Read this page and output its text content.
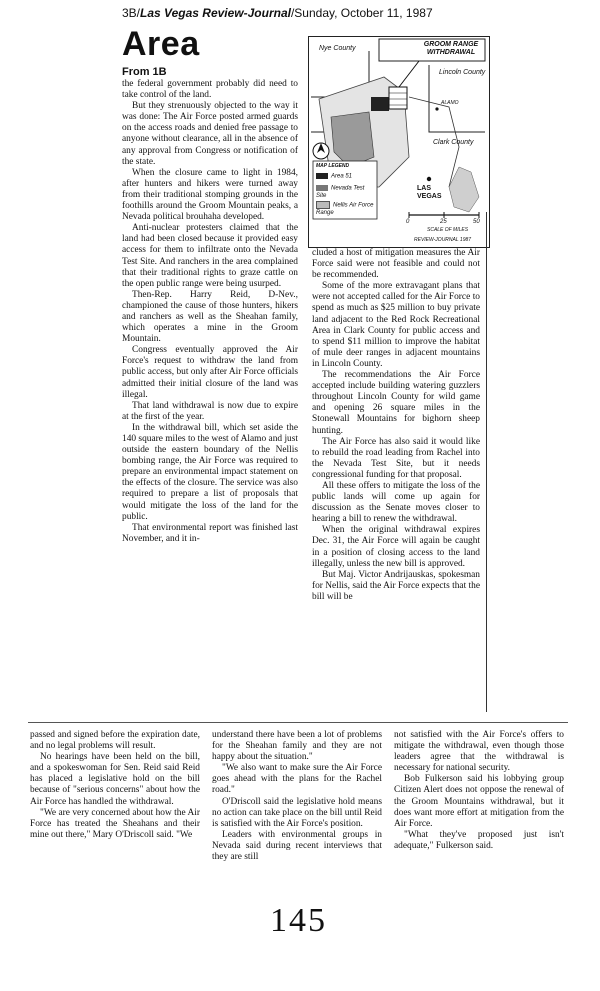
3B/Las Vegas Review-Journal/Sunday, October 11, 1987
Area
From 1B
GROOM RANGE
WITHDRAWAL
Nye County
Lincoln County
ALAMO
Clark County
LAS VEGAS
MAP LEGEND
Area 51
Nevada Test Site
Nellis Air Force Range
0	25	50
SCALE OF MILES
REVIEW-JOURNAL 1987

the federal government probably did need to take control of the land.

But they strenuously objected to the way it was done: The Air Force posted armed guards on the access roads and denied free passage to anyone without clearance, all in the absence of any approval from Congress or notification of the state.

When the closure came to light in 1984, after hunters and hikers were turned away from their traditional stomping grounds in the foothills around the Groom Mountain peaks, a Nevada political brouhaha developed.

Anti-nuclear protesters claimed that the land had been closed because it provided easy access for them to infiltrate onto the Nevada Test Site. And ranchers in the area complained that their traditional rights to graze cattle on the open public range were being usurped.

Then-Rep. Harry Reid, D-Nev., championed the cause of those hunters, hikers and ranchers as well as the Sheahan family, which operates a mine in the Groom Mountain.

Congress eventually approved the Air Force's request to withdraw the land from public access, but only after Air Force officials admitted their initial closure of the land was illegal.

That land withdrawal is now due to expire at the first of the year.

In the withdrawal bill, which set aside the 140 square miles to the west of Alamo and just outside the eastern boundary of the Nellis bombing range, the Air Force was required to prepare an environmental impact statement on the effects of the closure. The service was also required to prepare a list of proposals that would mitigate the loss of the land for the public.

That environmental report was finished last November, and it in-

cluded a host of mitigation measures the Air Force said were not feasible and could not be recommended.

Some of the more extravagant plans that were not accepted called for the Air Force to spend as much as $25 million to buy private land adjacent to the Red Rock Recreational Area in Clark County for public access and to spend $11 million to improve the habitat of mule deer ranges in adjacent mountains in Lincoln County.

The recommendations the Air Force accepted include building watering guzzlers throughout Lincoln County for wild game and opening 26 square miles in the Stonewall Mountains for bighorn sheep hunting.

The Air Force has also said it would like to rebuild the road leading from Rachel into the Nevada Test Site, but it needs congressional funding for that proposal.

All these offers to mitigate the loss of the public lands will come up again for discussion as the Senate moves closer to hearing a bill to renew the withdrawal.

When the original withdrawal expires Dec. 31, the Air Force will again be caught in a position of closing access to the land illegally, unless the new bill is approved.

But Maj. Victor Andrijauskas, spokesman for Nellis, said the Air Force expects that the bill will be

passed and signed before the expiration date, and no legal problems will result.

No hearings have been held on the bill, and a spokeswoman for Sen. Reid said Reid has placed a legislative hold on the bill because of "serious concerns" about how the Air Force has handled the withdrawal.

"We are very concerned about how the Air Force has treated the Sheahans and their mine out there," Mary O'Driscoll said. "We

understand there have been a lot of problems for the Sheahan family and they are not happy about the situation."

"We also want to make sure the Air Force goes ahead with the plans for the Rachel road."

O'Driscoll said the legislative hold means no action can take place on the bill until Reid is satisfied with the Air Force's position.

Leaders with environmental groups in Nevada said during recent interviews that they are still

not satisfied with the Air Force's offers to mitigate the withdrawal, even though those leaders agree that the withdrawal is necessary for national security.

Bob Fulkerson said his lobbying group Citizen Alert does not oppose the renewal of the Groom Mountains withdrawal, but it does want more effort at mitigation from the Air Force.

"What they've proposed just isn't adequate," Fulkerson said.

145
